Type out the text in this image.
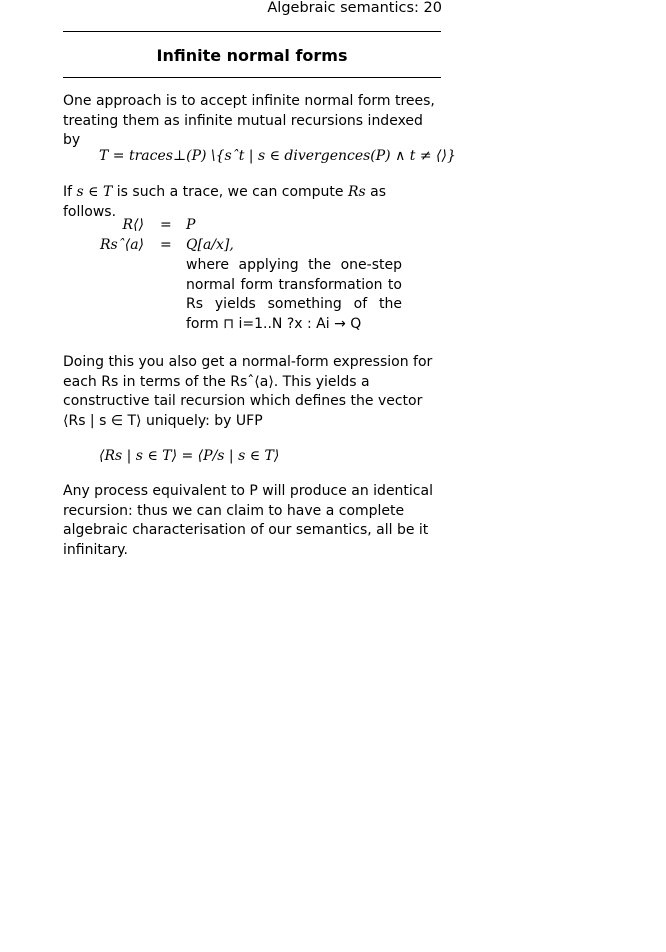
Algebraic semantics: 20
Infinite normal forms
One approach is to accept infinite normal form trees, treating them as infinite mutual recursions indexed by
T = traces⊥(P) \{sˆt | s ∈ divergences(P) ∧ t ≠ ⟨⟩}
If s ∈ T is such a trace, we can compute Rs as follows.
R⟨⟩ = P
Rsˆ⟨a⟩ = Q[a/x],
where applying the one-step normal form transformation to Rs yields something of the form ⊓ i=1..N ?x : Ai → Q
Doing this you also get a normal-form expression for each Rs in terms of the Rsˆ⟨a⟩. This yields a constructive tail recursion which defines the vector ⟨Rs | s ∈ T⟩ uniquely: by UFP
⟨Rs | s ∈ T⟩ = ⟨P/s | s ∈ T⟩
Any process equivalent to P will produce an identical recursion: thus we can claim to have a complete algebraic characterisation of our semantics, all be it infinitary.
